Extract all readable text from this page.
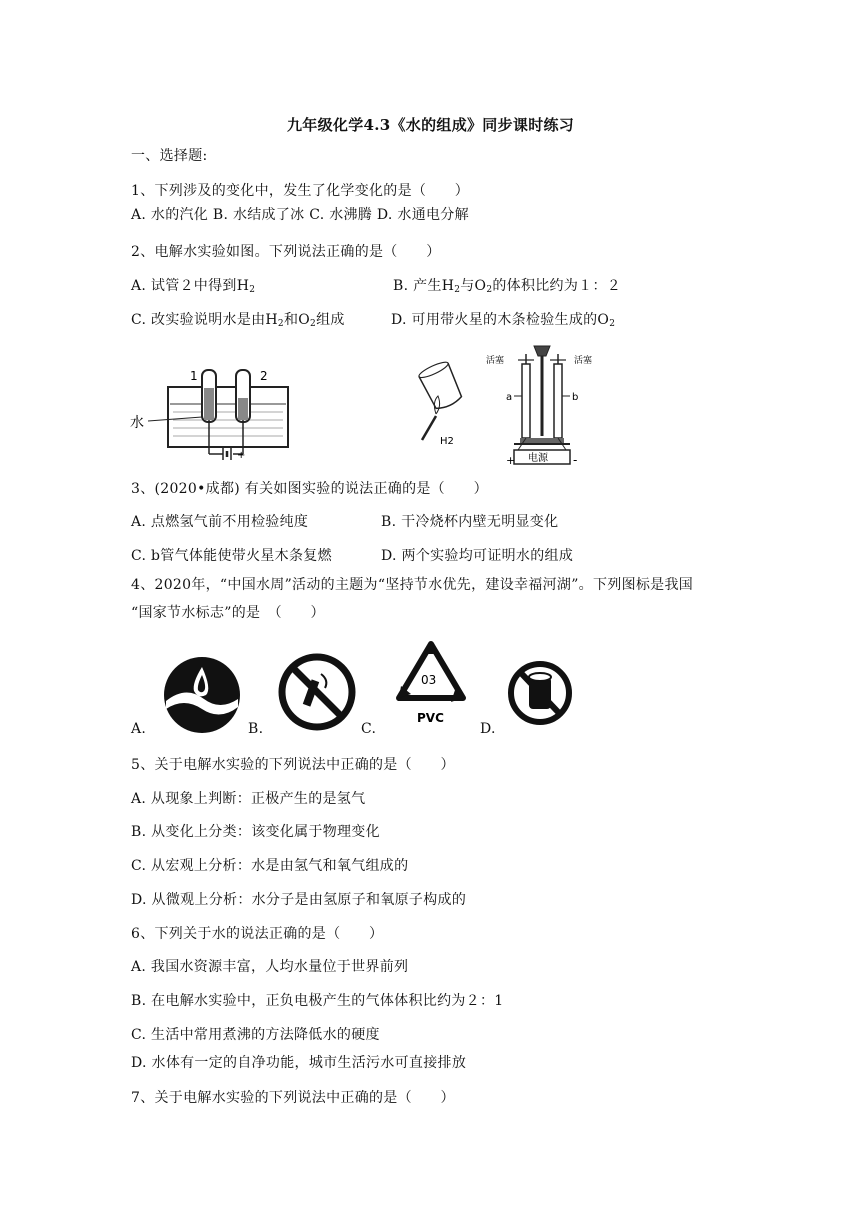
九年级化学4.3《水的组成》同步课时练习
一、选择题:
1、下列涉及的变化中，发生了化学变化的是（　　）
A. 水的汽化 B. 水结成了冰 C. 水沸腾 D. 水通电分解
2、电解水实验如图。下列说法正确的是（　　）
A. 试管２中得到$H_2$	B. 产生$H_2$与$O_2$的体积比约为１：２
C. 改实验说明水是由$H_2$和$O_2$组成	D. 可用带火星的木条检验生成的$O_2$
1	2
水
+
H2
活塞	活塞
a	b
电源
+	-
3、(2020•成都) 有关如图实验的说法正确的是（　　）
A. 点燃氢气前不用检验纯度	B. 干冷烧杯内壁无明显变化
C. b管气体能使带火星木条复燃	D. 两个实验均可证明水的组成
4、2020年，“中国水周”活动的主题为“坚持节水优先，建设幸福河湖”。下列图标是我国
“国家节水标志”的是　（　　）
03
PVC
A.	B.	C.	D.
5、关于电解水实验的下列说法中正确的是（　　）
A. 从现象上判断：正极产生的是氢气
B. 从变化上分类：该变化属于物理变化
C. 从宏观上分析：水是由氢气和氧气组成的
D. 从微观上分析：水分子是由氢原子和氧原子构成的
6、下列关于水的说法正确的是（　　）
A. 我国水资源丰富，人均水量位于世界前列
B. 在电解水实验中，正负电极产生的气体体积比约为２：1
C. 生活中常用煮沸的方法降低水的硬度
D. 水体有一定的自净功能，城市生活污水可直接排放
7、关于电解水实验的下列说法中正确的是（　　）
